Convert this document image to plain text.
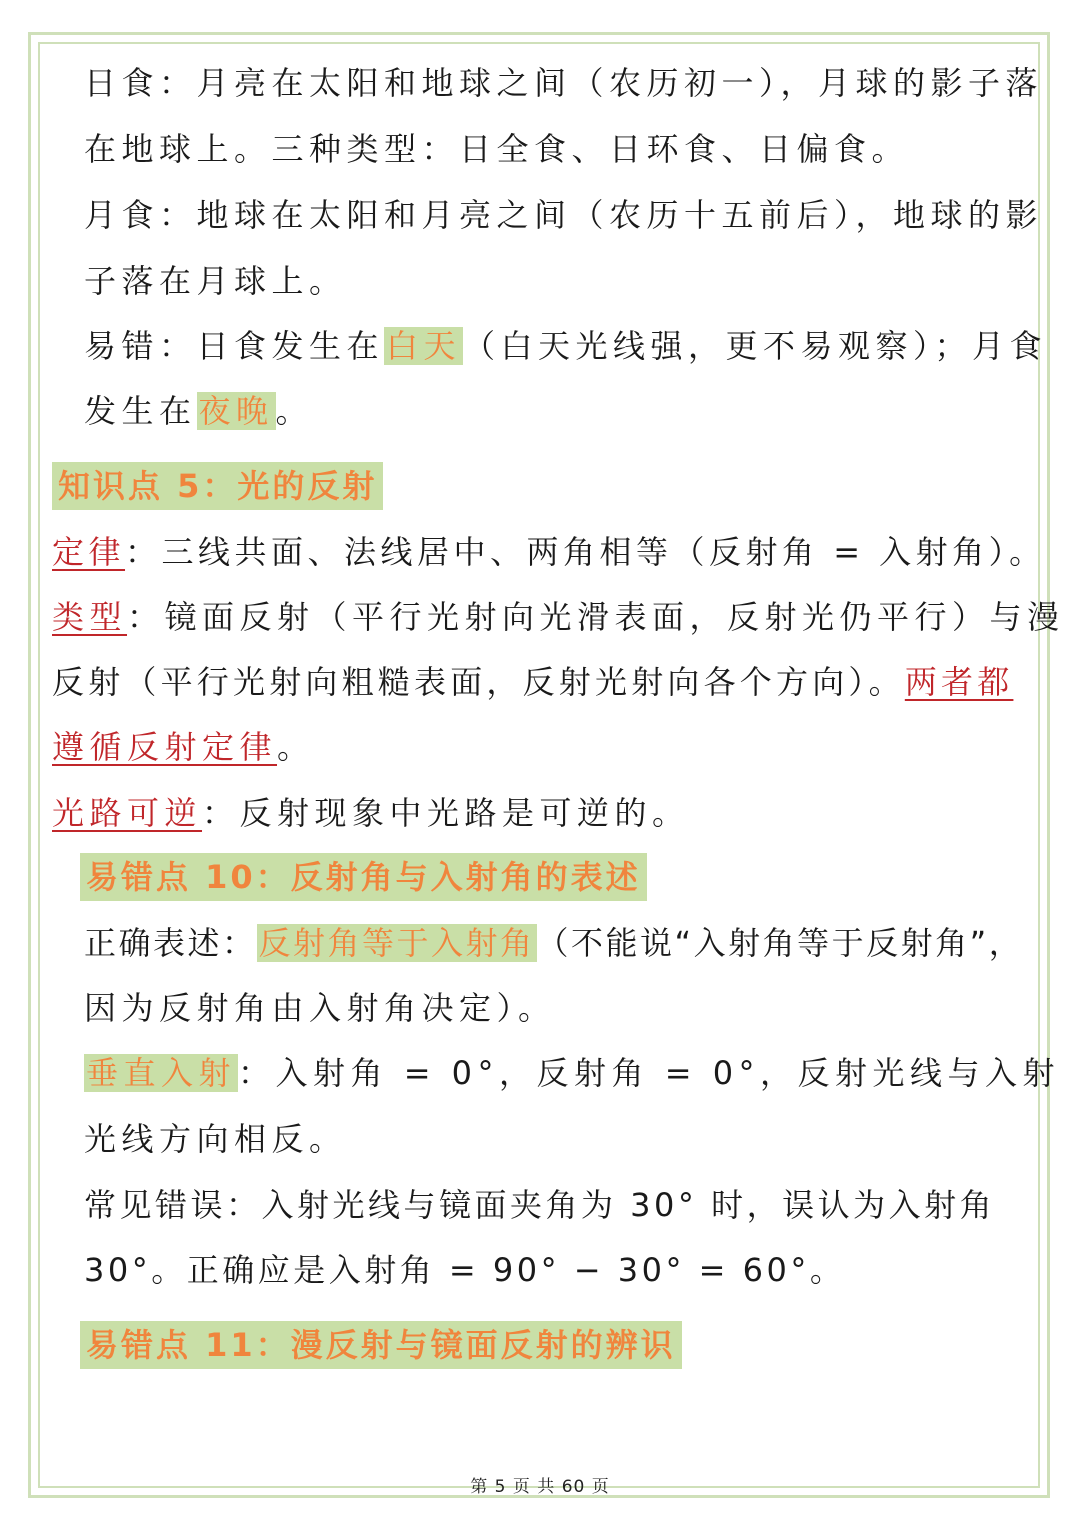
日食：月亮在太阳和地球之间（农历初一），月球的影子落
在地球上。三种类型：日全食、日环食、日偏食。
月食：地球在太阳和月亮之间（农历十五前后），地球的影
子落在月球上。
易错：日食发生在白天（白天光线强，更不易观察）；月食
发生在夜晚。
知识点 5：光的反射
定律：三线共面、法线居中、两角相等（反射角 = 入射角）。
类型：镜面反射（平行光射向光滑表面，反射光仍平行）与漫
反射（平行光射向粗糙表面，反射光射向各个方向）。两者都
遵循反射定律。
光路可逆：反射现象中光路是可逆的。
易错点 10：反射角与入射角的表述
正确表述：反射角等于入射角（不能说“入射角等于反射角”，
因为反射角由入射角决定）。
垂直入射：入射角 = 0°，反射角 = 0°，反射光线与入射
光线方向相反。
常见错误：入射光线与镜面夹角为 30° 时，误认为入射角
30°。正确应是入射角 = 90° − 30° = 60°。
易错点 11：漫反射与镜面反射的辨识
第 5 页 共 60 页
